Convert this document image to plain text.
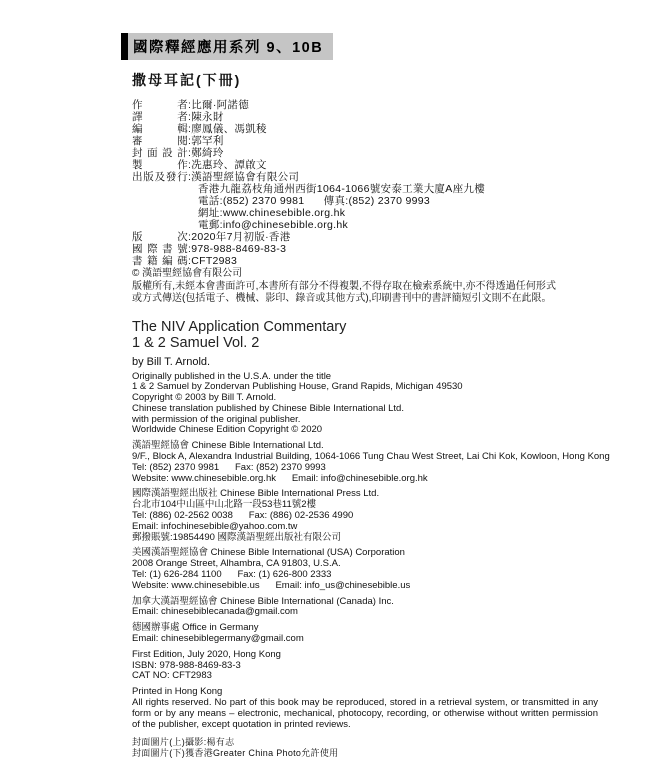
國際釋經應用系列 9、10B
撒母耳記(下冊)
作者 :比爾·阿諾德
譯者 :陳永財
編輯 :廖鳳儀、馮凱稜
審閱 :郭罕利
封面設計 :鄭綺玲
製作 :冼惠玲、譚啟文
出版及發行 :漢語聖經協會有限公司
香港九龍荔枝角通州西街1064-1066號安泰工業大廈A座九樓
電話:(852) 2370 9981      傳真:(852) 2370 9993
網址:www.chinesebible.org.hk
電郵:info@chinesebible.org.hk
版次 :2020年7月初版·香港
國際書號 :978-988-8469-83-3
書籍編碼 :CFT2983
© 漢語聖經協會有限公司
版權所有,未經本會書面許可,本書所有部分不得複製,不得存取在檢索系統中,亦不得透過任何形式或方式傳送(包括電子、機械、影印、錄音或其他方式),印刷書刊中的書評簡短引文則不在此限。
The NIV Application Commentary
1 & 2 Samuel Vol. 2
by Bill T. Arnold.
Originally published in the U.S.A. under the title
1 & 2 Samuel by Zondervan Publishing House, Grand Rapids, Michigan 49530
Copyright © 2003 by Bill T. Arnold.
Chinese translation published by Chinese Bible International Ltd.
with permission of the original publisher.
Worldwide Chinese Edition Copyright © 2020
漢語聖經協會 Chinese Bible International Ltd.
9/F., Block A, Alexandra Industrial Building, 1064-1066 Tung Chau West Street, Lai Chi Kok, Kowloon, Hong Kong
Tel: (852) 2370 9981      Fax: (852) 2370 9993
Website: www.chinesebible.org.hk      Email: info@chinesebible.org.hk
國際漢語聖經出版社 Chinese Bible International Press Ltd.
台北市104中山區中山北路一段53巷11號2樓
Tel: (886) 02-2562 0038      Fax: (886) 02-2536 4990
Email: infochinesebible@yahoo.com.tw
郵撥賬號:19854490 國際漢語聖經出版社有限公司
美國漢語聖經協會 Chinese Bible International (USA) Corporation
2008 Orange Street, Alhambra, CA 91803, U.S.A.
Tel: (1) 626-284 1100      Fax: (1) 626-800 2333
Website: www.chinesebible.us      Email: info_us@chinesebible.us
加拿大漢語聖經協會 Chinese Bible International (Canada) Inc.
Email: chinesebiblecanada@gmail.com
德國辦事處 Office in Germany
Email: chinesebiblegermany@gmail.com
First Edition, July 2020, Hong Kong
ISBN: 978-988-8469-83-3
CAT NO: CFT2983
Printed in Hong Kong
All rights reserved. No part of this book may be reproduced, stored in a retrieval system, or transmitted in any form or by any means – electronic, mechanical, photocopy, recording, or otherwise without written permission of the publisher, except quotation in printed reviews.
封面圖片(上)攝影:楊有志
封面圖片(下)獲香港Greater China Photo允許使用
